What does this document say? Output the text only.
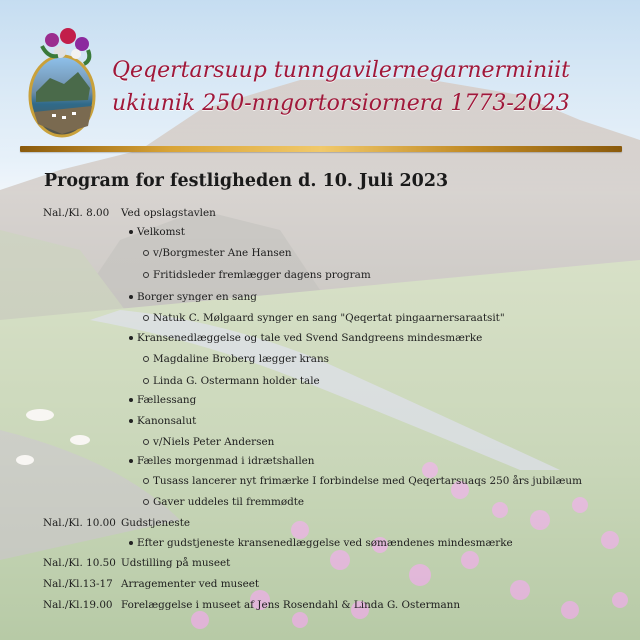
Qeqertarsuup tunngavilernegarnerminiit
ukiunik 250-nngortorsiornera 1773-2023
Program for festligheden d. 10. Juli 2023
Nal./Kl. 8.00 Ved opslagstavlen
Velkomst
v/Borgmester Ane Hansen
Fritidsleder fremlægger dagens program
Borger synger en sang
Natuk C. Mølgaard synger en sang "Qeqertat pingaarnersaraatsit"
Kransenedlæggelse og tale ved Svend Sandgreens mindesmærke
Magdaline Broberg lægger krans
Linda G. Ostermann holder tale
Fællessang
Kanonsalut
v/Niels Peter Andersen
Fælles morgenmad i idrætshallen
Tusass lancerer nyt frimærke I forbindelse med Qeqertarsuaqs 250 års jubilæum
Gaver uddeles til fremmødte
Nal./Kl. 10.00 Gudstjeneste
Efter gudstjeneste kransenedlæggelse ved sømændenes mindesmærke
Nal./Kl. 10.50 Udstilling på museet
Nal./Kl.13-17 Arragementer ved museet
Nal./Kl.19.00 Forelæggelse i museet af Jens Rosendahl & Linda G. Ostermann
